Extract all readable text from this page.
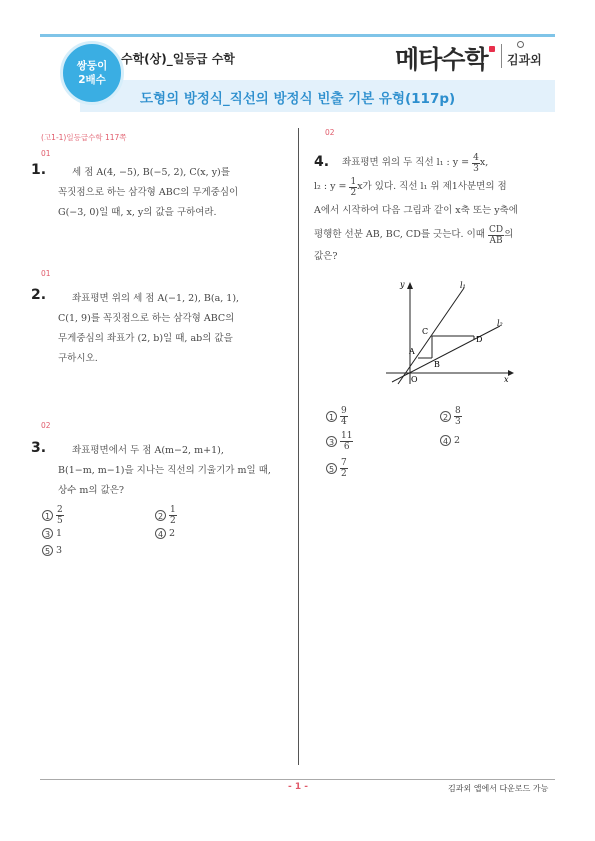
쌍둥이
2배수
수학(상)_일등급 수학	메타수학 김과외
도형의 방정식_직선의 방정식 빈출 기본 유형(117p)
(고1-1)일등급수학 117쪽
01
1.	세 점 A(4, −5), B(−5, 2), C(x, y)를
꼭짓점으로 하는 삼각형 ABC의 무게중심이
G(−3, 0)일 때, x, y의 값을 구하여라.
01
2.	좌표평면 위의 세 점 A(−1, 2), B(a, 1),
C(1, 9)를 꼭짓점으로 하는 삼각형 ABC의
무게중심의 좌표가 (2, b)일 때, ab의 값을
구하시오.
02
3.	좌표평면에서 두 점 A(m−2, m+1),
B(1−m, m−1)을 지나는 직선의 기울기가 m일 때,
상수 m의 값은?
$1 \frac{2}{5}$	$2 \frac{1}{2}$
3 1	4 2
5 3
02
4. 좌표평면 위의 두 직선 l₁ : y =
$\frac{4}{3} x$,
l₂ : y =
$\frac{1}{2}$ x가 있다. 직선 l₁ 위 제1사분면의 점
A에서 시작하여 다음 그림과 같이 x축 또는 y축에
평행한 선분 AB, BC, CD를 긋는다. 이때
$\frac{CD}{AB}$ 의
값은?
y
x
l₁
l₂
A
B
C
D
O
$1 \frac{9}{4}$	$2 \frac{8}{3}$
$3 \frac{11}{6}$	4 2
$5 \frac{7}{2}$
- 1 -	김과외 앱에서 다운로드 가능
